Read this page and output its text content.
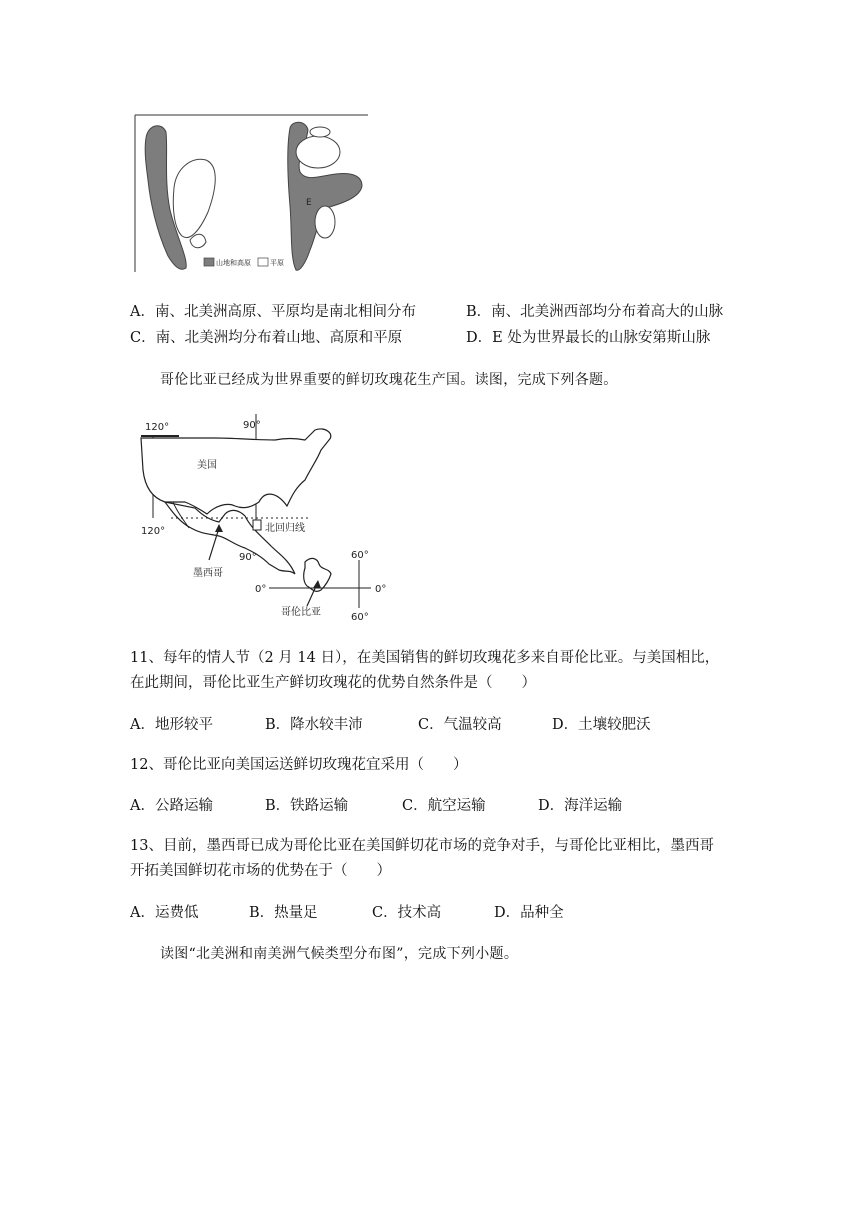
E
山地和高原	平原
A．南、北美洲高原、平原均是南北相间分布	B．南、北美洲西部均分布着高大的山脉
C．南、北美洲均分布着山地、高原和平原	D．E 处为世界最长的山脉安第斯山脉
哥伦比亚已经成为世界重要的鲜切玫瑰花生产国。读图，完成下列各题。
120°	90°
美国
120°	北回归线
墨西哥
90°
0°	0°
60°
60°
哥伦比亚
11、每年的情人节（2 月 14 日），在美国销售的鲜切玫瑰花多来自哥伦比亚。与美国相比，
在此期间，哥伦比亚生产鲜切玫瑰花的优势自然条件是（　　）
A．地形较平	B．降水较丰沛	C．气温较高	D．土壤较肥沃
12、哥伦比亚向美国运送鲜切玫瑰花宜采用（　　）
A．公路运输	B．铁路运输	C．航空运输	D．海洋运输
13、目前，墨西哥已成为哥伦比亚在美国鲜切花市场的竞争对手，与哥伦比亚相比，墨西哥
开拓美国鲜切花市场的优势在于（　　）
A．运费低	B．热量足	C．技术高	D．品种全
读图“北美洲和南美洲气候类型分布图”，完成下列小题。
